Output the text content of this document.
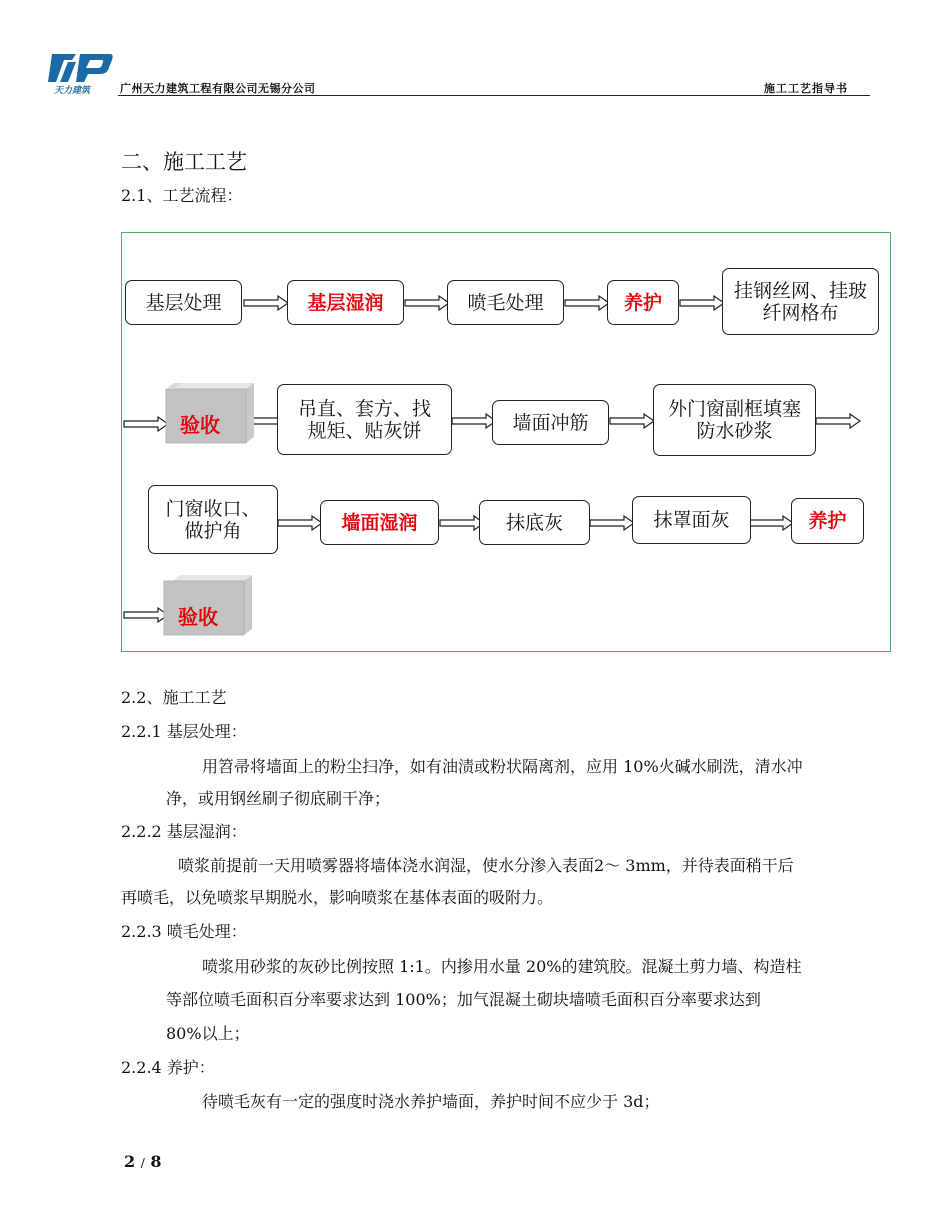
天力建筑	广州天力建筑工程有限公司无锡分公司	施工工艺指导书
二、施工工艺
2.1、工艺流程：
基层处理	基层湿润	喷毛处理	养护
挂钢丝网、挂玻纤网格布
验收
吊直、套方、找规矩、贴灰饼	墙面冲筋
外门窗副框填塞防水砂浆
门窗收口、做护角	墙面湿润	抹底灰	抹罩面灰	养护
验收
2.2、施工工艺
2.2.1 基层处理：
用笤帚将墙面上的粉尘扫净，如有油渍或粉状隔离剂，应用 10%火碱水刷洗，清水冲
净，或用钢丝刷子彻底刷干净；
2.2.2 基层湿润：
喷浆前提前一天用喷雾器将墙体浇水润湿，使水分渗入表面2～ 3mm，并待表面稍干后
再喷毛，以免喷浆早期脱水，影响喷浆在基体表面的吸附力。
2.2.3 喷毛处理：
喷浆用砂浆的灰砂比例按照 1:1。内掺用水量 20%的建筑胶。混凝土剪力墙、构造柱
等部位喷毛面积百分率要求达到 100%；加气混凝土砌块墙喷毛面积百分率要求达到
80%以上；
2.2.4 养护：
待喷毛灰有一定的强度时浇水养护墙面，养护时间不应少于 3d；
2 / 8
